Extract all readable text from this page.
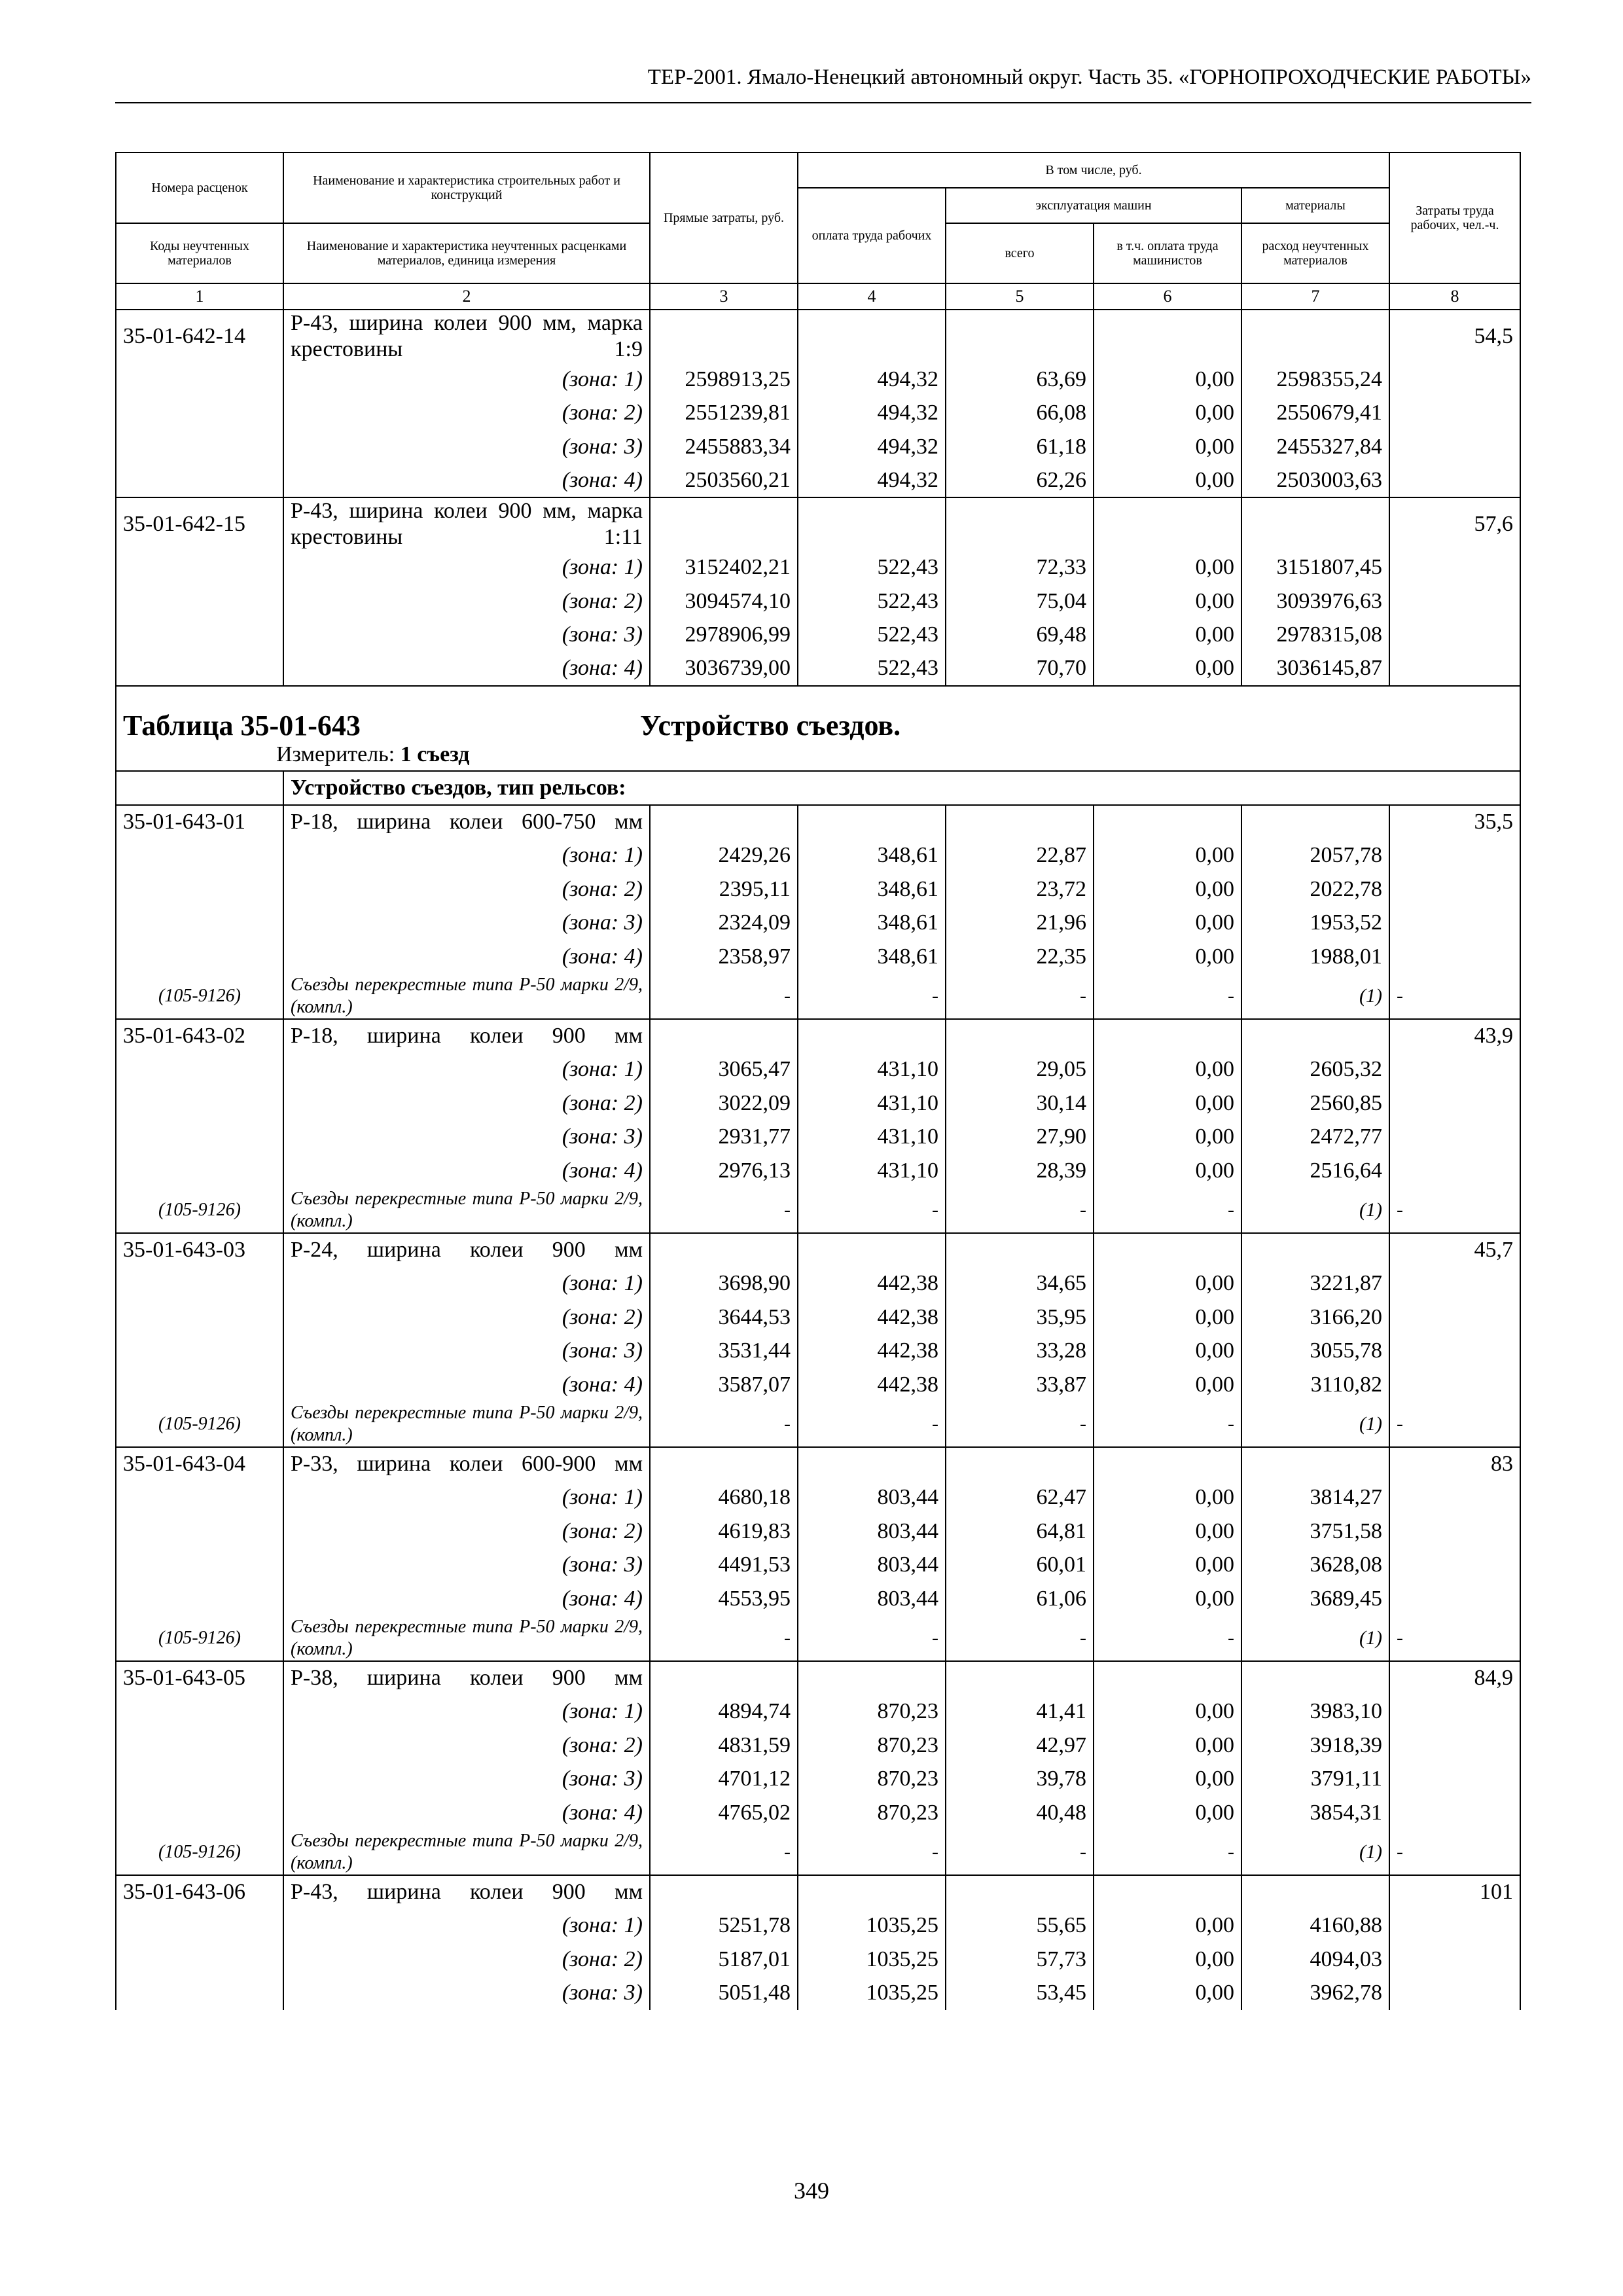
ТЕР-2001. Ямало-Ненецкий автономный округ. Часть 35. «ГОРНОПРОХОДЧЕСКИЕ РАБОТЫ»
Номера расценок	Наименование и характеристика строительных работ и конструкций	Прямые затраты, руб.	В том числе, руб.				Затраты труда рабочих, чел.-ч.
			оплата труда рабочих	эксплуатация машин		материалы	
Коды неучтенных материалов	Наименование и характеристика неучтенных расценками материалов, единица измерения			всего	в т.ч. оплата труда машинистов	расход неучтенных материалов	
1	2	3	4	5	6	7	8
35-01-642-14	Р-43, ширина колеи 900 мм, марка крестовины 1:9						54,5
	(зона: 1)	2598913,25	494,32	63,69	0,00	2598355,24	
	(зона: 2)	2551239,81	494,32	66,08	0,00	2550679,41	
	(зона: 3)	2455883,34	494,32	61,18	0,00	2455327,84	
	(зона: 4)	2503560,21	494,32	62,26	0,00	2503003,63	
35-01-642-15	Р-43, ширина колеи 900 мм, марка крестовины 1:11						57,6
	(зона: 1)	3152402,21	522,43	72,33	0,00	3151807,45	
	(зона: 2)	3094574,10	522,43	75,04	0,00	3093976,63	
	(зона: 3)	2978906,99	522,43	69,48	0,00	2978315,08	
	(зона: 4)	3036739,00	522,43	70,70	0,00	3036145,87	

Таблица 35-01-643 Устройство съездов.
Измеритель: 1 съезд							

	Устройство съездов, тип рельсов:						
35-01-643-01	Р-18, ширина колеи 600-750 мм						35,5
	(зона: 1)	2429,26	348,61	22,87	0,00	2057,78	
	(зона: 2)	2395,11	348,61	23,72	0,00	2022,78	
	(зона: 3)	2324,09	348,61	21,96	0,00	1953,52	
	(зона: 4)	2358,97	348,61	22,35	0,00	1988,01	
(105-9126)	Съезды перекрестные типа Р-50 марки 2/9, (компл.)	-	-	-	-	(1)	-
35-01-643-02	Р-18, ширина колеи 900 мм						43,9
	(зона: 1)	3065,47	431,10	29,05	0,00	2605,32	
	(зона: 2)	3022,09	431,10	30,14	0,00	2560,85	
	(зона: 3)	2931,77	431,10	27,90	0,00	2472,77	
	(зона: 4)	2976,13	431,10	28,39	0,00	2516,64	
(105-9126)	Съезды перекрестные типа Р-50 марки 2/9, (компл.)	-	-	-	-	(1)	-
35-01-643-03	Р-24, ширина колеи 900 мм						45,7
	(зона: 1)	3698,90	442,38	34,65	0,00	3221,87	
	(зона: 2)	3644,53	442,38	35,95	0,00	3166,20	
	(зона: 3)	3531,44	442,38	33,28	0,00	3055,78	
	(зона: 4)	3587,07	442,38	33,87	0,00	3110,82	
(105-9126)	Съезды перекрестные типа Р-50 марки 2/9, (компл.)	-	-	-	-	(1)	-
35-01-643-04	Р-33, ширина колеи 600-900 мм						83
	(зона: 1)	4680,18	803,44	62,47	0,00	3814,27	
	(зона: 2)	4619,83	803,44	64,81	0,00	3751,58	
	(зона: 3)	4491,53	803,44	60,01	0,00	3628,08	
	(зона: 4)	4553,95	803,44	61,06	0,00	3689,45	
(105-9126)	Съезды перекрестные типа Р-50 марки 2/9, (компл.)	-	-	-	-	(1)	-
35-01-643-05	Р-38, ширина колеи 900 мм						84,9
	(зона: 1)	4894,74	870,23	41,41	0,00	3983,10	
	(зона: 2)	4831,59	870,23	42,97	0,00	3918,39	
	(зона: 3)	4701,12	870,23	39,78	0,00	3791,11	
	(зона: 4)	4765,02	870,23	40,48	0,00	3854,31	
(105-9126)	Съезды перекрестные типа Р-50 марки 2/9, (компл.)	-	-	-	-	(1)	-
35-01-643-06	Р-43, ширина колеи 900 мм						101
	(зона: 1)	5251,78	1035,25	55,65	0,00	4160,88	
	(зона: 2)	5187,01	1035,25	57,73	0,00	4094,03	
	(зона: 3)	5051,48	1035,25	53,45	0,00	3962,78	
349
